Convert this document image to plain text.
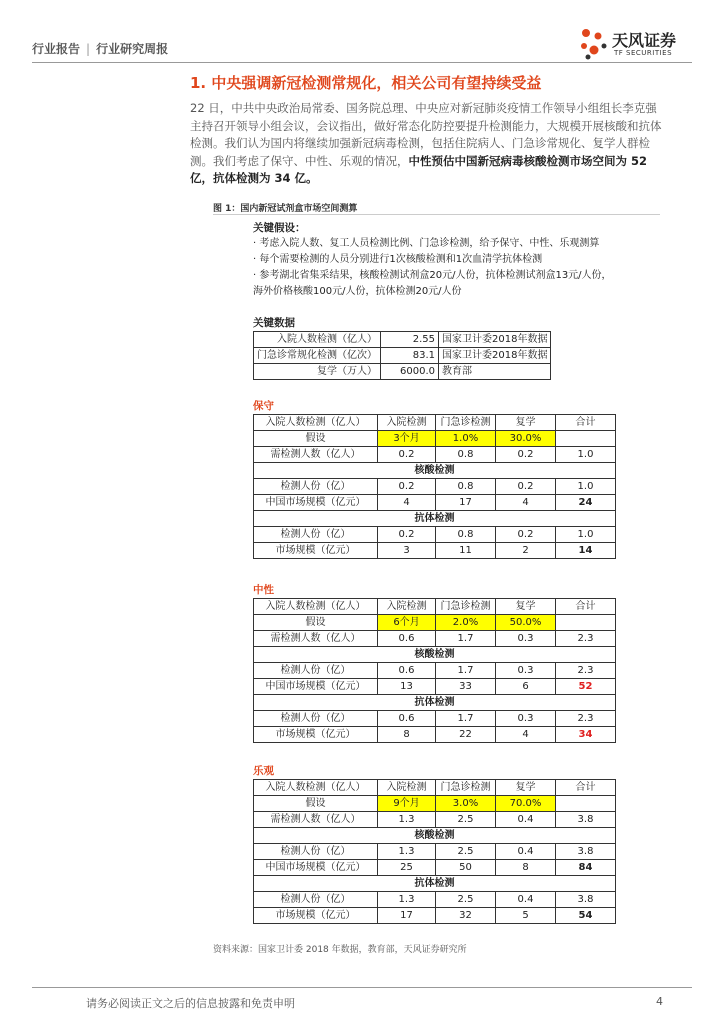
行业报告 | 行业研究周报	天风证券
TF SECURITIES
1. 中央强调新冠检测常规化，相关公司有望持续受益
22 日，中共中央政治局常委、国务院总理、中央应对新冠肺炎疫情工作领导小组组长李克强主持召开领导小组会议，会议指出，做好常态化防控要提升检测能力，大规模开展核酸和抗体检测。我们认为国内将继续加强新冠病毒检测，包括住院病人、门急诊常规化、复学人群检测。我们考虑了保守、中性、乐观的情况，中性预估中国新冠病毒核酸检测市场空间为 52 亿，抗体检测为 34 亿。
图 1：国内新冠试剂盒市场空间测算
关键假设：
· 考虑入院人数、复工人员检测比例、门急诊检测，给予保守、中性、乐观测算
· 每个需要检测的人员分别进行1次核酸检测和1次血清学抗体检测
· 参考湖北省集采结果，核酸检测试剂盒20元/人份，抗体检测试剂盒13元/人份，海外价格核酸100元/人份，抗体检测20元/人份
关键数据
入院人数检测（亿人）	2.55	国家卫计委2018年数据
门急诊常规化检测（亿次）	83.1	国家卫计委2018年数据
复学（万人）	6000.0	教育部
保守
入院人数检测（亿人）	入院检测	门急诊检测	复学	合计
假设	3个月	1.0%	30.0%	
需检测人数（亿人）	0.2	0.8	0.2	1.0
核酸检测				
检测人份（亿）	0.2	0.8	0.2	1.0
中国市场规模（亿元）	4	17	4	24
抗体检测				
检测人份（亿）	0.2	0.8	0.2	1.0
市场规模（亿元）	3	11	2	14
中性
入院人数检测（亿人）	入院检测	门急诊检测	复学	合计
假设	6个月	2.0%	50.0%	
需检测人数（亿人）	0.6	1.7	0.3	2.3
核酸检测				
检测人份（亿）	0.6	1.7	0.3	2.3
中国市场规模（亿元）	13	33	6	52
抗体检测				
检测人份（亿）	0.6	1.7	0.3	2.3
市场规模（亿元）	8	22	4	34
乐观
入院人数检测（亿人）	入院检测	门急诊检测	复学	合计
假设	9个月	3.0%	70.0%	
需检测人数（亿人）	1.3	2.5	0.4	3.8
核酸检测				
检测人份（亿）	1.3	2.5	0.4	3.8
中国市场规模（亿元）	25	50	8	84
抗体检测				
检测人份（亿）	1.3	2.5	0.4	3.8
市场规模（亿元）	17	32	5	54
资料来源：国家卫计委 2018 年数据，教育部，天风证券研究所
请务必阅读正文之后的信息披露和免责申明	4
